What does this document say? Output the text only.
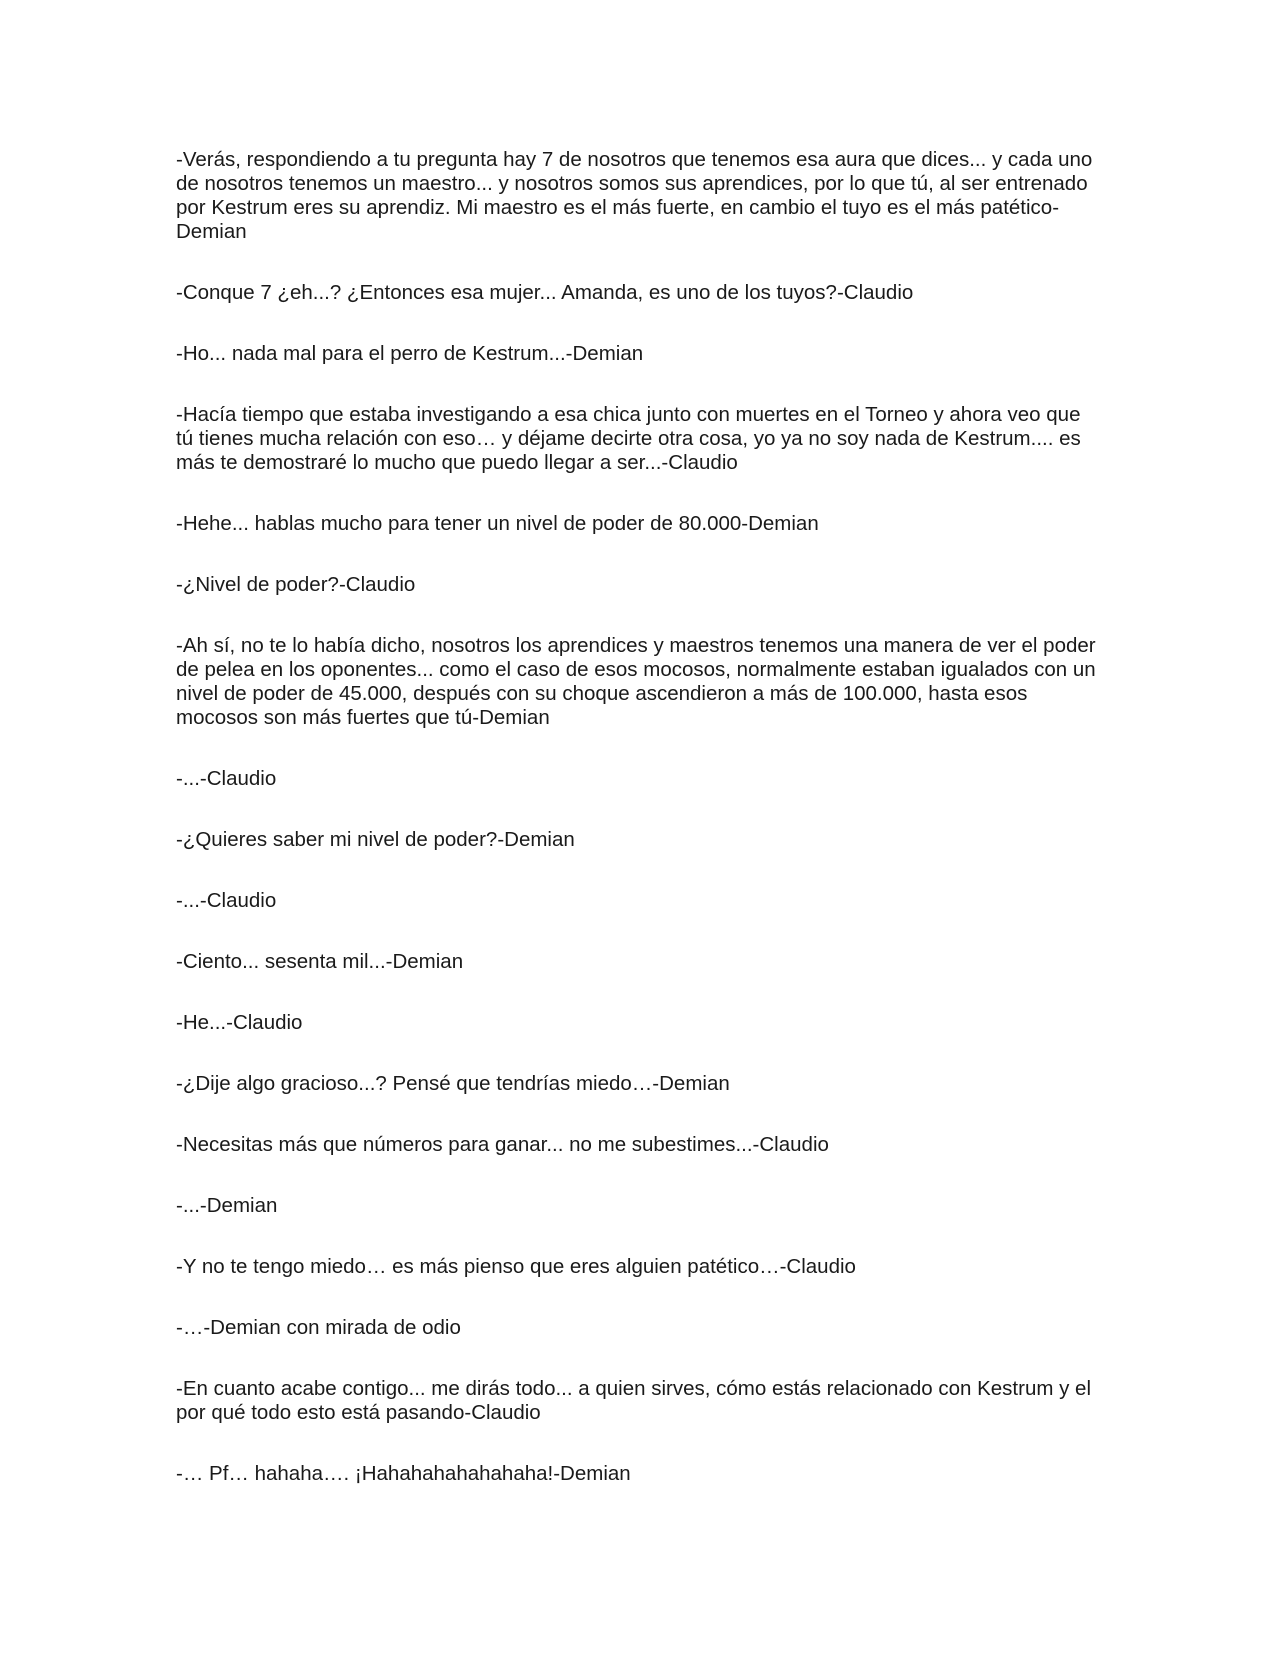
-Verás, respondiendo a tu pregunta hay 7 de nosotros que tenemos esa aura que dices... y cada uno de nosotros tenemos un maestro... y nosotros somos sus aprendices, por lo que tú, al ser entrenado por Kestrum eres su aprendiz. Mi maestro es el más fuerte, en cambio el tuyo es el más patético-Demian

-Conque 7 ¿eh...? ¿Entonces esa mujer... Amanda, es uno de los tuyos?-Claudio

-Ho... nada mal para el perro de Kestrum...-Demian

-Hacía tiempo que estaba investigando a esa chica junto con muertes en el Torneo y ahora veo que tú tienes mucha relación con eso… y déjame decirte otra cosa, yo ya no soy nada de Kestrum.... es más te demostraré lo mucho que puedo llegar a ser...-Claudio

-Hehe... hablas mucho para tener un nivel de poder de 80.000-Demian

-¿Nivel de poder?-Claudio

-Ah sí, no te lo había dicho, nosotros los aprendices y maestros tenemos una manera de ver el poder de pelea en los oponentes... como el caso de esos mocosos, normalmente estaban igualados con un nivel de poder de 45.000, después con su choque ascendieron a más de 100.000, hasta esos mocosos son más fuertes que tú-Demian

-...-Claudio

-¿Quieres saber mi nivel de poder?-Demian

-...-Claudio

-Ciento... sesenta mil...-Demian

-He...-Claudio

-¿Dije algo gracioso...? Pensé que tendrías miedo…-Demian

-Necesitas más que números para ganar... no me subestimes...-Claudio

-...-Demian

-Y no te tengo miedo… es más pienso que eres alguien patético…-Claudio

-…-Demian con mirada de odio

-En cuanto acabe contigo... me dirás todo... a quien sirves, cómo estás relacionado con Kestrum y el por qué todo esto está pasando-Claudio

-… Pf… hahaha…. ¡Hahahahahahahaha!-Demian
